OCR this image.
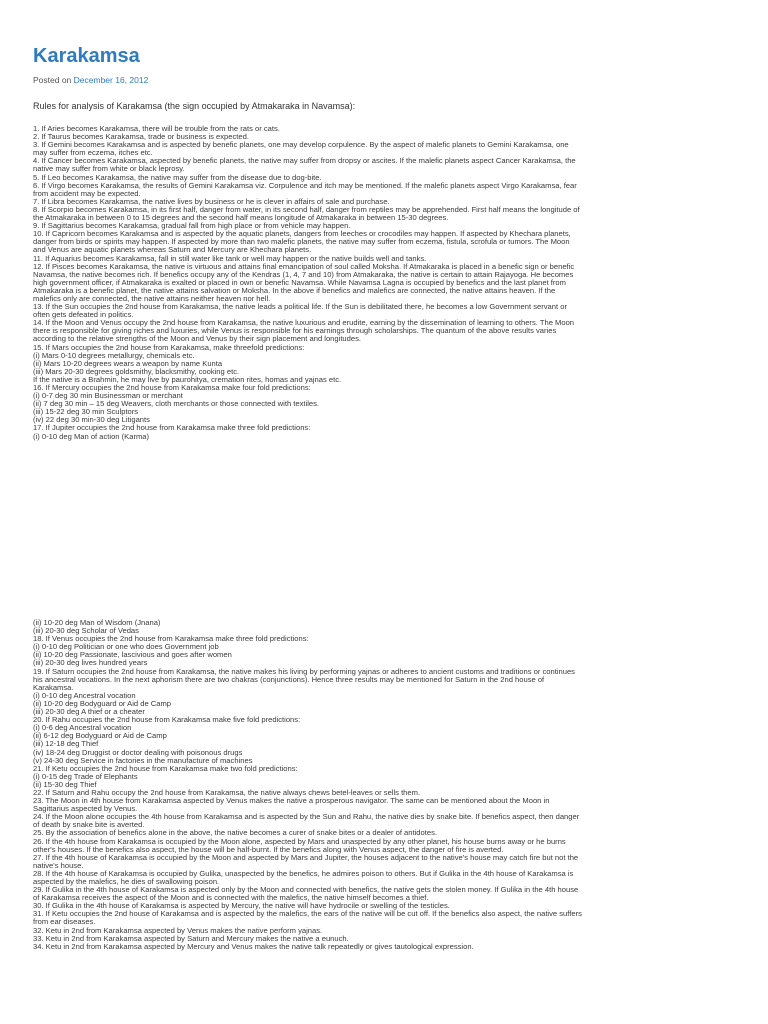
Karakamsa
Posted on December 16, 2012
Rules for analysis of Karakamsa (the sign occupied by Atmakaraka in Navamsa):
1. If Aries becomes Karakamsa, there will be trouble from the rats or cats.
2. If Taurus becomes Karakamsa, trade or business is expected.
3. If Gemini becomes Karakamsa and is aspected by benefic planets, one may develop corpulence. By the aspect of malefic planets to Gemini Karakamsa, one
may suffer from eczema, itches etc.
4. If Cancer becomes Karakamsa, aspected by benefic planets, the native may suffer from dropsy or ascites. If the malefic planets aspect Cancer Karakamsa, the
native may suffer from white or black leprosy.
5. If Leo becomes Karakamsa, the native may suffer from the disease due to dog-bite.
6. If Virgo becomes Karakamsa, the results of Gemini Karakamsa viz. Corpulence and itch may be mentioned. If the malefic planets aspect Virgo Karakamsa, fear
from accident may be expected.
7. If Libra becomes Karakamsa, the native lives by business or he is clever in affairs of sale and purchase.
8. If Scorpio becomes Karakamsa, in its first half, danger from water, in its second half, danger from reptiles may be apprehended. First half means the longitude of
the Atmakaraka in between 0 to 15 degrees and the second half means longitude of Atmakaraka in between 15-30 degrees.
9. If Sagittarius becomes Karakamsa, gradual fall from high place or from vehicle may happen.
10. If Capricorn becomes Karakamsa and is aspected by the aquatic planets, dangers from leeches or crocodiles may happen. If aspected by Khechara planets,
danger from birds or spirits may happen. If aspected by more than two malefic planets, the native may suffer from eczema, fistula, scrofula or tumors. The Moon
and Venus are aquatic planets whereas Saturn and Mercury are Khechara planets.
11. If Aquarius becomes Karakamsa, fall in still water like tank or well may happen or the native builds well and tanks.
12. If Pisces becomes Karakamsa, the native is virtuous and attains final emancipation of soul called Moksha. If Atmakaraka is placed in a benefic sign or benefic
Navamsa, the native becomes rich. If benefics occupy any of the Kendras (1, 4, 7 and 10) from Atmakaraka, the native is certain to attain Rajayoga. He becomes
high government officer, if Atmakaraka is exalted or placed in own or benefic Navamsa. While Navamsa Lagna is occupied by benefics and the last planet from
Atmakaraka is a benefic planet, the native attains salvation or Moksha. In the above if benefics and malefics are connected, the native attains heaven. If the
malefics only are connected, the native attains neither heaven nor hell.
13. If the Sun occupies the 2nd house from Karakamsa, the native leads a political life. If the Sun is debilitated there, he becomes a low Government servant or
often gets defeated in politics.
14. If the Moon and Venus occupy the 2nd house from Karakamsa, the native luxurious and erudite, earning by the dissemination of learning to others. The Moon
there is responsible for giving riches and luxuries, while Venus is responsible for his earnings through scholarships. The quantum of the above results varies
according to the relative strengths of the Moon and Venus by their sign placement and longitudes.
15. If Mars occupies the 2nd house from Karakamsa, make threefold predictions:
(i) Mars 0-10 degrees metallurgy, chemicals etc.
(ii) Mars 10-20 degrees wears a weapon by name Kunta
(iii) Mars 20-30 degrees goldsmithy, blacksmithy, cooking etc.
If the native is a Brahmin, he may live by paurohitya, cremation rites, homas and yajnas etc.
16. If Mercury occupies the 2nd house from Karakamsa make four fold predictions:
(i) 0-7 deg 30 min Businessman or merchant
(ii) 7 deg 30 min – 15 deg Weavers, cloth merchants or those connected with textiles.
(iii) 15-22 deg 30 min Sculptors
(iv) 22 deg 30 min-30 deg Litigants
17. If Jupiter occupies the 2nd house from Karakamsa make three fold predictions:
(i) 0-10 deg Man of action (Karma)
(ii) 10-20 deg Man of Wisdom (Jnana)
(iii) 20-30 deg Scholar of Vedas
18. If Venus occupies the 2nd house from Karakamsa make three fold predictions:
(i) 0-10 deg Politician or one who does Government job
(ii) 10-20 deg Passionate, lascivious and goes after women
(iii) 20-30 deg lives hundred years
19. If Saturn occupies the 2nd house from Karakamsa, the native makes his living by performing yajnas or adheres to ancient customs and traditions or continues
his ancestral vocations. In the next aphorism there are two chakras (conjunctions). Hence three results may be mentioned for Saturn in the 2nd house of
Karakamsa.
(i) 0-10 deg Ancestral vocation
(ii) 10-20 deg Bodyguard or Aid de Camp
(iii) 20-30 deg A thief or a cheater
20. If Rahu occupies the 2nd house from Karakamsa make five fold predictions:
(i) 0-6 deg Ancestral vocation
(ii) 6-12 deg Bodyguard or Aid de Camp
(iii) 12-18 deg Thief
(iv) 18-24 deg Druggist or doctor dealing with poisonous drugs
(v) 24-30 deg Service in factories in the manufacture of machines
21. If Ketu occupies the 2nd house from Karakamsa make two fold predictions:
(i) 0-15 deg Trade of Elephants
(ii) 15-30 deg Thief
22. If Saturn and Rahu occupy the 2nd house from Karakamsa, the native always chews betel-leaves or sells them.
23. The Moon in 4th house from Karakamsa aspected by Venus makes the native a prosperous navigator. The same can be mentioned about the Moon in
Sagittarius aspected by Venus.
24. If the Moon alone occupies the 4th house from Karakamsa and is aspected by the Sun and Rahu, the native dies by snake bite. If benefics aspect, then danger
of death by snake bite is averted.
25. By the association of benefics alone in the above, the native becomes a curer of snake bites or a dealer of antidotes.
26. If the 4th house from Karakamsa is occupied by the Moon alone, aspected by Mars and unaspected by any other planet, his house burns away or he burns
other's houses. If the benefics also aspect, the house will be half-burnt. If the benefics along with Venus aspect, the danger of fire is averted.
27. If the 4th house of Karakamsa is occupied by the Moon and aspected by Mars and Jupiter, the houses adjacent to the native's house may catch fire but not the
native's house.
28. If the 4th house of Karakamsa is occupied by Gulika, unaspected by the benefics, he admires poison to others. But if Gulika in the 4th house of Karakamsa is
aspected by the malefics, he dies of swallowing poison.
29. If Gulika in the 4th house of Karakamsa is aspected only by the Moon and connected with benefics, the native gets the stolen money. If Gulika in the 4th house
of Karakamsa receives the aspect of the Moon and is connected with the malefics, the native himself becomes a thief.
30. If Gulika in the 4th house of Karakamsa is aspected by Mercury, the native will have hydrocile or swelling of the testicles.
31. If Ketu occupies the 2nd house of Karakamsa and is aspected by the malefics, the ears of the native will be cut off. If the benefics also aspect, the native suffers
from ear diseases.
32. Ketu in 2nd from Karakamsa aspected by Venus makes the native perform yajnas.
33. Ketu in 2nd from Karakamsa aspected by Saturn and Mercury makes the native a eunuch.
34. Ketu in 2nd from Karakamsa aspected by Mercury and Venus makes the native talk repeatedly or gives tautological expression.
